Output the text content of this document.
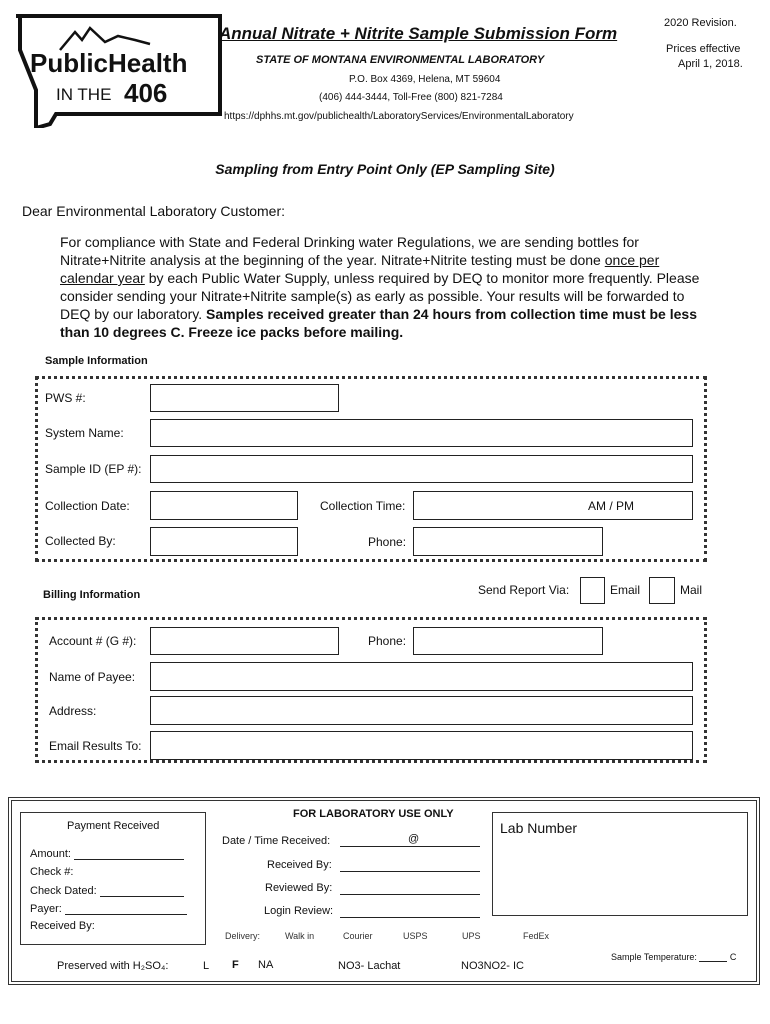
PublicHealth
IN THE 406
Annual Nitrate + Nitrite Sample Submission Form
STATE OF MONTANA ENVIRONMENTAL LABORATORY
P.O. Box 4369, Helena, MT 59604
(406) 444-3444, Toll-Free (800) 821-7284
https://dphhs.mt.gov/publichealth/LaboratoryServices/EnvironmentalLaboratory
2020 Revision.
Prices effective
April 1, 2018.
Sampling from Entry Point Only (EP Sampling Site)
Dear Environmental Laboratory Customer:
For compliance with State and Federal Drinking water Regulations, we are sending bottles for Nitrate+Nitrite analysis at the beginning of the year. Nitrate+Nitrite testing must be done once per calendar year by each Public Water Supply, unless required by DEQ to monitor more frequently. Please consider sending your Nitrate+Nitrite sample(s) as early as possible. Your results will be forwarded to DEQ by our laboratory. Samples received greater than 24 hours from collection time must be less than 10 degrees C. Freeze ice packs before mailing.
Sample Information
PWS #:
System Name:
Sample ID (EP #):
Collection Date:	Collection Time:	AM / PM
Collected By:	Phone:
Billing Information	Send Report Via:	Email	Mail
Account # (G #):	Phone:
Name of Payee:
Address:
Email Results To:
FOR LABORATORY USE ONLY
Payment Received
Amount:
Check #:
Check Dated:
Payer:
Received By:
Date / Time Received:	@
Received By:
Reviewed By:
Login Review:
Lab Number
Delivery:	Walk in	Courier	USPS	UPS	FedEx
Preserved with H₂SO₄:	L F NA	NO3- Lachat	NO3NO2- IC
Sample Temperature:	C
